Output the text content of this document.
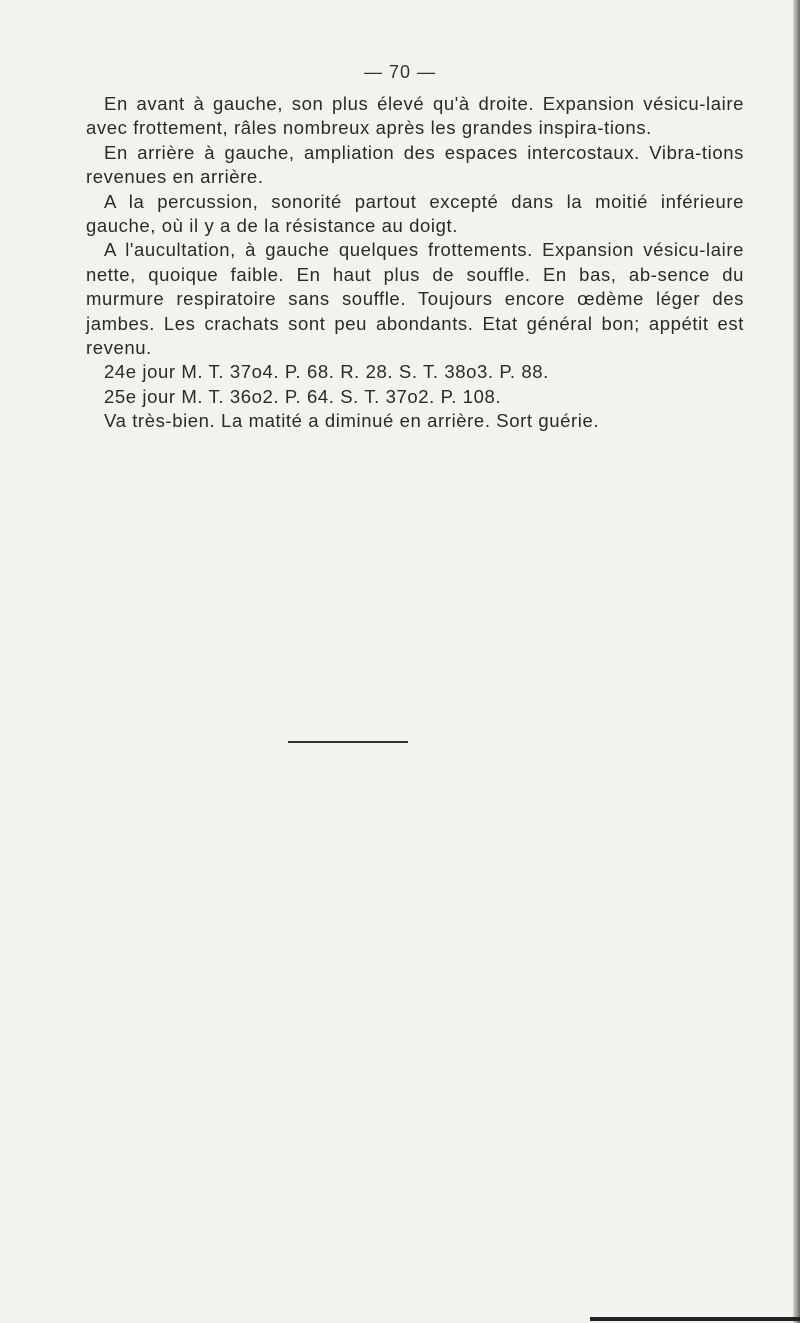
— 70 —

En avant à gauche, son plus élevé qu'à droite. Expansion vésicu-laire avec frottement, râles nombreux après les grandes inspira-tions.

En arrière à gauche, ampliation des espaces intercostaux. Vibra-tions revenues en arrière.

A la percussion, sonorité partout excepté dans la moitié inférieure gauche, où il y a de la résistance au doigt.

A l'aucultation, à gauche quelques frottements. Expansion vésicu-laire nette, quoique faible. En haut plus de souffle. En bas, ab-sence du murmure respiratoire sans souffle. Toujours encore œdème léger des jambes. Les crachats sont peu abondants. Etat général bon; appétit est revenu.

24e jour M. T. 37o4. P. 68. R. 28. S. T. 38o3. P. 88.

25e jour M. T. 36o2. P. 64. S. T. 37o2. P. 108.

Va très-bien. La matité a diminué en arrière. Sort guérie.
